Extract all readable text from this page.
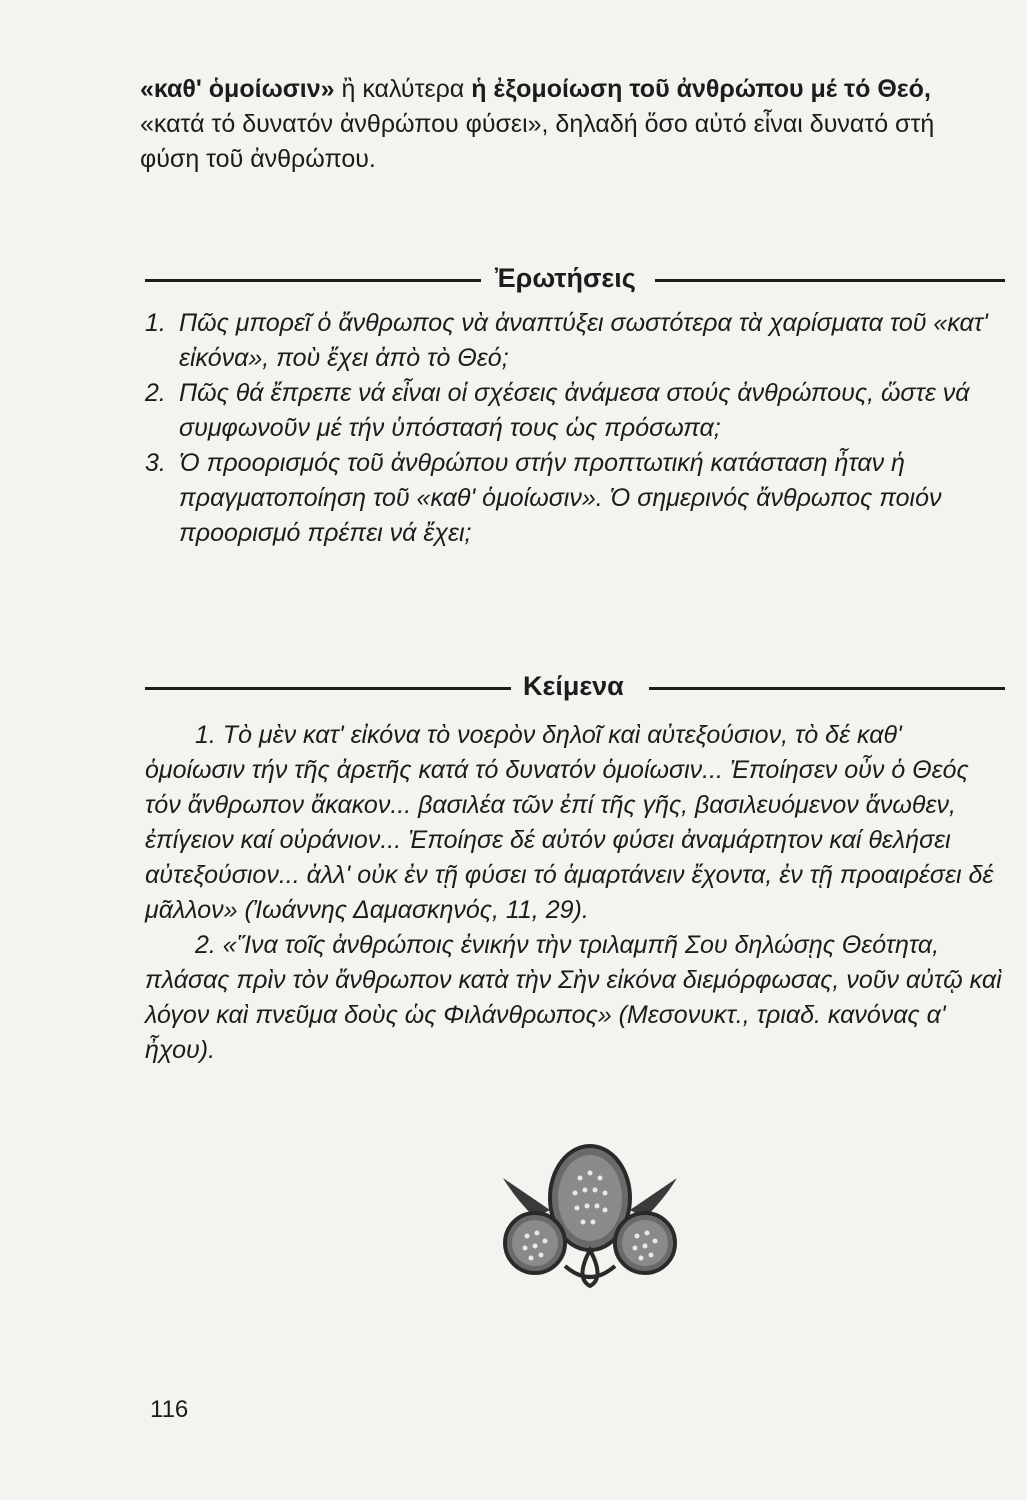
«καθ' ὁμοίωσιν» ἢ καλύτερα ἡ ἐξομοίωση τοῦ ἀνθρώπου μέ τό Θεό, «κατά τό δυνατόν ἀνθρώπου φύσει», δηλαδή ὅσο αὐτό εἶναι δυνατό στή φύση τοῦ ἀνθρώπου.

Ἐρωτήσεις
1. Πῶς μπορεῖ ὁ ἄνθρωπος νὰ ἀναπτύξει σωστότερα τὰ χαρίσματα τοῦ «κατ' εἰκόνα», ποὺ ἔχει ἀπὸ τὸ Θεό;
2. Πῶς θά ἔπρεπε νά εἶναι οἱ σχέσεις ἀνάμεσα στούς ἀνθρώπους, ὥστε νά συμφωνοῦν μέ τήν ὑπόστασή τους ὡς πρόσωπα;
3. Ὁ προορισμός τοῦ ἀνθρώπου στήν προπτωτική κατάσταση ἦταν ἡ πραγματοποίηση τοῦ «καθ' ὁμοίωσιν». Ὁ σημερινός ἄνθρωπος ποιόν προορισμό πρέπει νά ἔχει;
Κείμενα

1. Τὸ μὲν κατ' εἰκόνα τὸ νοερὸν δηλοῖ καὶ αὐτεξούσιον, τὸ δέ καθ' ὁμοίωσιν τήν τῆς ἀρετῆς κατά τό δυνατόν ὁμοίωσιν... Ἐποίησεν οὖν ὁ Θεός τόν ἄνθρωπον ἄκακον... βασιλέα τῶν ἐπί τῆς γῆς, βασιλευόμενον ἄνωθεν, ἐπίγειον καί οὐράνιον... Ἐποίησε δέ αὐτόν φύσει ἀναμάρτητον καί θελήσει αὐτεξούσιον... ἀλλ' οὐκ ἐν τῇ φύσει τό ἁμαρτάνειν ἔχοντα, ἐν τῇ προαιρέσει δέ μᾶλλον» (Ἰωάννης Δαμασκηνός, 11, 29).

2. «Ἵνα τοῖς ἀνθρώποις ἐνικήν τὴν τριλαμπῆ Σου δηλώσῃς Θεότητα, πλάσας πρὶν τὸν ἄνθρωπον κατὰ τὴν Σὴν εἰκόνα διεμόρφωσας, νοῦν αὐτῷ καὶ λόγον καὶ πνεῦμα δοὺς ὡς Φιλάνθρωπος» (Μεσονυκτ., τριαδ. κανόνας α' ἦχου).

116
